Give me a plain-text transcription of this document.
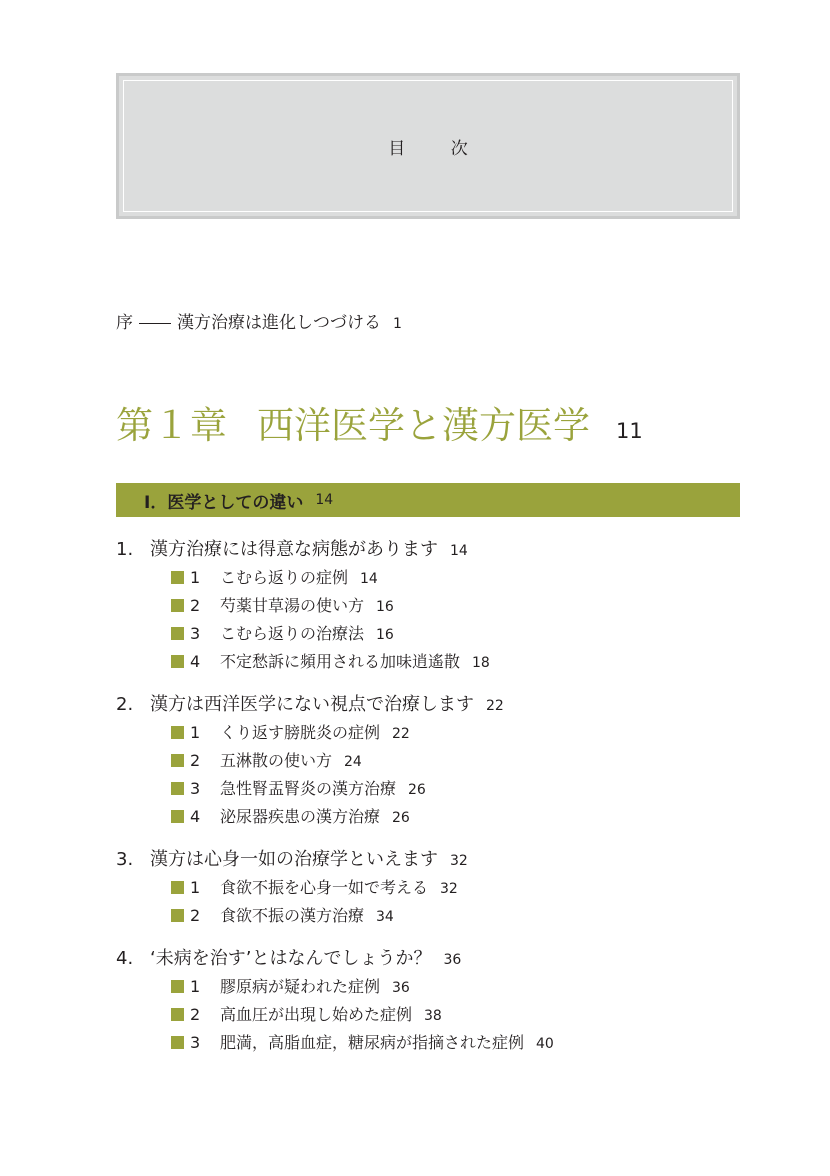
目 次
序	漢方治療は進化しつづける 1
第１章 西洋医学と漢方医学 11
I．医学としての違い 14
1. 漢方治療には得意な病態があります 14
1 こむら返りの症例 14
2 芍薬甘草湯の使い方 16
3 こむら返りの治療法 16
4 不定愁訴に頻用される加味逍遙散 18
2. 漢方は西洋医学にない視点で治療します 22
1 くり返す膀胱炎の症例 22
2 五淋散の使い方 24
3 急性腎盂腎炎の漢方治療 26
4 泌尿器疾患の漢方治療 26
3. 漢方は心身一如の治療学といえます 32
1 食欲不振を心身一如で考える 32
2 食欲不振の漢方治療 34
4. ‘未病を治す’とはなんでしょうか？ 36
1 膠原病が疑われた症例 36
2 高血圧が出現し始めた症例 38
3 肥満，高脂血症，糖尿病が指摘された症例 40
